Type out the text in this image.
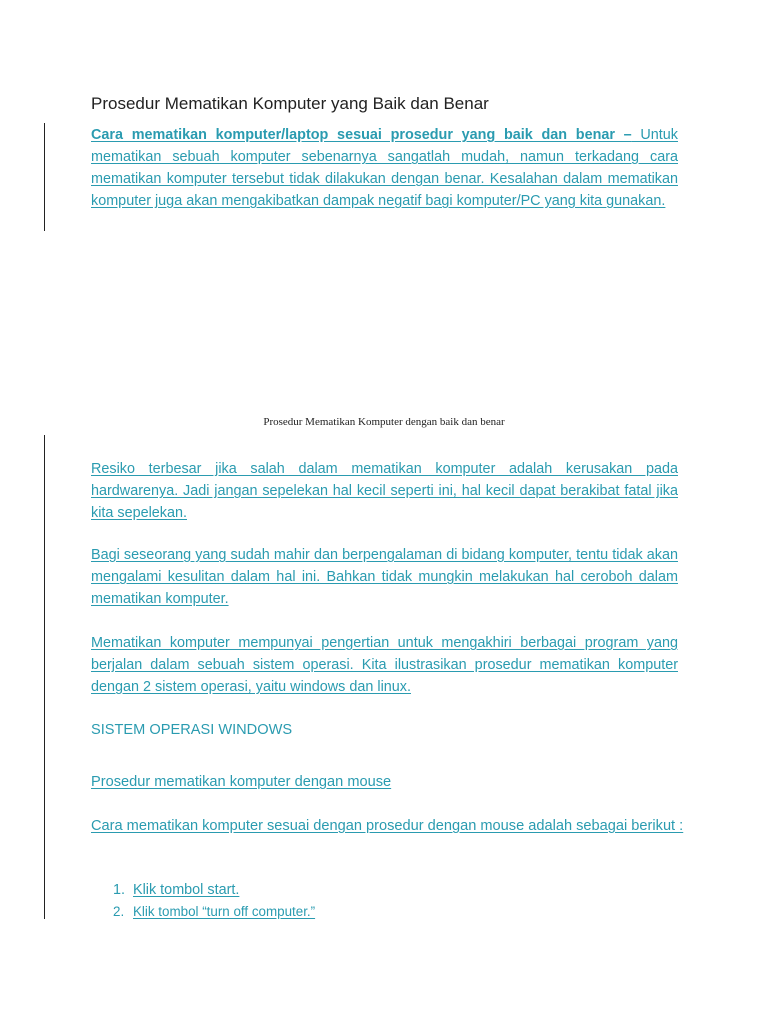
Prosedur Mematikan Komputer yang Baik dan Benar
Cara mematikan komputer/laptop sesuai prosedur yang baik dan benar – Untuk mematikan sebuah komputer sebenarnya sangatlah mudah, namun terkadang cara mematikan komputer tersebut tidak dilakukan dengan benar. Kesalahan dalam mematikan komputer juga akan mengakibatkan dampak negatif bagi komputer/PC yang kita gunakan.
Prosedur Mematikan Komputer dengan baik dan benar
Resiko terbesar jika salah dalam mematikan komputer adalah kerusakan pada hardwarenya. Jadi jangan sepelekan hal kecil seperti ini, hal kecil dapat berakibat fatal jika kita sepelekan.
Bagi seseorang yang sudah mahir dan berpengalaman di bidang komputer, tentu tidak akan mengalami kesulitan dalam hal ini. Bahkan tidak mungkin melakukan hal ceroboh dalam mematikan komputer.
Mematikan komputer mempunyai pengertian untuk mengakhiri berbagai program yang berjalan dalam sebuah sistem operasi. Kita ilustrasikan prosedur mematikan komputer dengan 2 sistem operasi, yaitu windows dan linux.
SISTEM OPERASI WINDOWS
Prosedur mematikan komputer dengan mouse
Cara mematikan komputer sesuai dengan prosedur dengan mouse adalah sebagai berikut :
1. Klik tombol start.
2. Klik tombol “turn off computer.”
